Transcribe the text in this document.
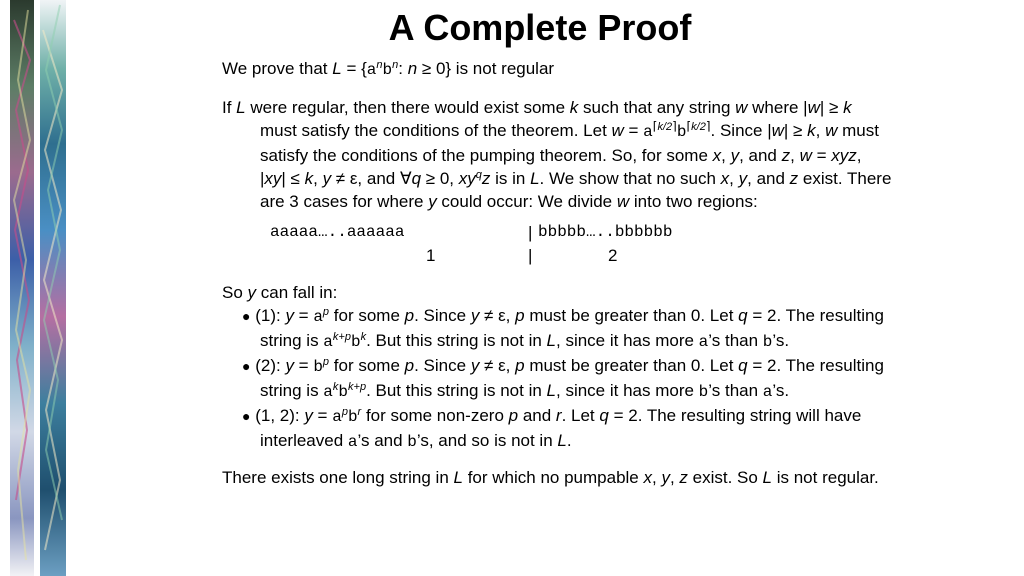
A Complete Proof

We prove that $L = \{a^nb^n$: n ≥ 0} is not regular

If L were regular, then there would exist some k such that any string w where |w| ≥ k must satisfy the conditions of the theorem. Let $w = a^{⌈k/2⌉}b^{⌈k/2⌉}$. Since |w| ≥ k, w must satisfy the conditions of the pumping theorem. So, for some x, y, and z, w = xyz, |xy| ≤ k, y ≠ ε, and ∀q ≥ 0, $xy^qz$ is in L. We show that no such x, y, and z exist. There are 3 cases for where y could occur: We divide w into two regions:

aaaaa…..aaaaaa	| bbbbb…..bbbbbb
1	|	2

So y can fall in:

● (1): $y = a^p$ for some p. Since y ≠ ε, p must be greater than 0. Let q = 2. The resulting string is $a^{k+p}b^k$. But this string is not in L, since it has more a’s than b’s.

● (2): $y = b^p$ for some p. Since y ≠ ε, p must be greater than 0. Let q = 2. The resulting string is $a^kb^{k+p}$. But this string is not in L, since it has more b’s than a’s.

● (1, 2): $y = a^pb^r$ for some non-zero p and r. Let q = 2. The resulting string will have interleaved a’s and b’s, and so is not in L.

There exists one long string in L for which no pumpable x, y, z exist. So L is not regular.
